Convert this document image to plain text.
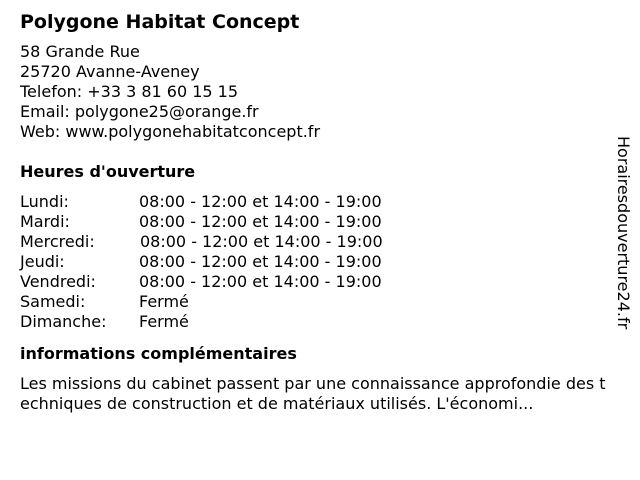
Polygone Habitat Concept
58 Grande Rue
25720 Avanne-Aveney
Telefon: +33 3 81 60 15 15
Email: polygone25@orange.fr
Web: www.polygonehabitatconcept.fr
Heures d'ouverture
Lundi:	08:00 - 12:00 et 14:00 - 19:00
Mardi:	08:00 - 12:00 et 14:00 - 19:00
Mercredi:	08:00 - 12:00 et 14:00 - 19:00
Jeudi:	08:00 - 12:00 et 14:00 - 19:00
Vendredi:	08:00 - 12:00 et 14:00 - 19:00
Samedi:	Fermé
Dimanche:	Fermé
informations complémentaires
Les missions du cabinet passent par une connaissance approfondie des techniques de construction et de matériaux utilisés. L'économi...
Horairesdouverture24.fr
